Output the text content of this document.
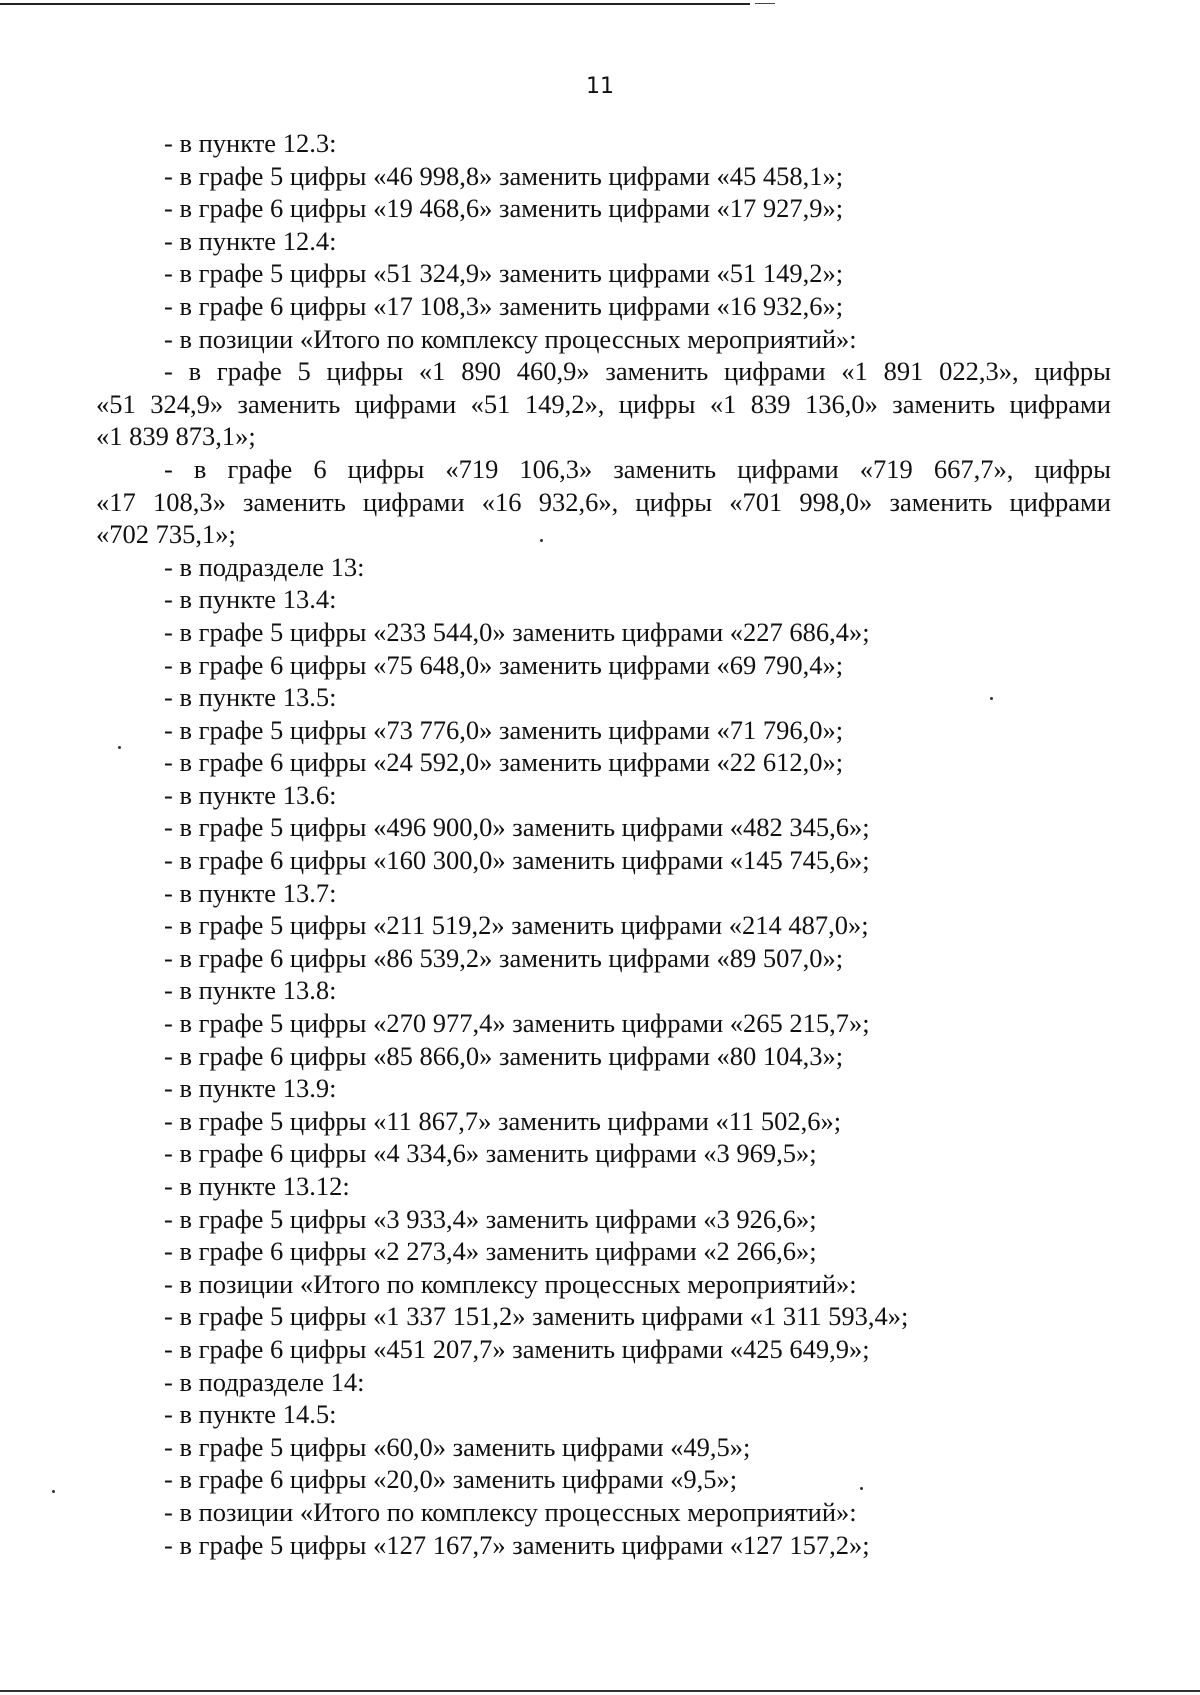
11

- в пункте 12.3:

- в графе 5 цифры «46 998,8» заменить цифрами «45 458,1»;

- в графе 6 цифры «19 468,6» заменить цифрами «17 927,9»;

- в пункте 12.4:

- в графе 5 цифры «51 324,9» заменить цифрами «51 149,2»;

- в графе 6 цифры «17 108,3» заменить цифрами «16 932,6»;

- в позиции «Итого по комплексу процессных мероприятий»:

- в графе 5 цифры «1 890 460,9» заменить цифрами «1 891 022,3», цифры

«51 324,9» заменить цифрами «51 149,2», цифры «1 839 136,0» заменить цифрами

«1 839 873,1»;

- в графе 6 цифры «719 106,3» заменить цифрами «719 667,7», цифры

«17 108,3» заменить цифрами «16 932,6», цифры «701 998,0» заменить цифрами

«702 735,1»;

- в подразделе 13:

- в пункте 13.4:

- в графе 5 цифры «233 544,0» заменить цифрами «227 686,4»;

- в графе 6 цифры «75 648,0» заменить цифрами «69 790,4»;

- в пункте 13.5:

- в графе 5 цифры «73 776,0» заменить цифрами «71 796,0»;

- в графе 6 цифры «24 592,0» заменить цифрами «22 612,0»;

- в пункте 13.6:

- в графе 5 цифры «496 900,0» заменить цифрами «482 345,6»;

- в графе 6 цифры «160 300,0» заменить цифрами «145 745,6»;

- в пункте 13.7:

- в графе 5 цифры «211 519,2» заменить цифрами «214 487,0»;

- в графе 6 цифры «86 539,2» заменить цифрами «89 507,0»;

- в пункте 13.8:

- в графе 5 цифры «270 977,4» заменить цифрами «265 215,7»;

- в графе 6 цифры «85 866,0» заменить цифрами «80 104,3»;

- в пункте 13.9:

- в графе 5 цифры «11 867,7» заменить цифрами «11 502,6»;

- в графе 6 цифры «4 334,6» заменить цифрами «3 969,5»;

- в пункте 13.12:

- в графе 5 цифры «3 933,4» заменить цифрами «3 926,6»;

- в графе 6 цифры «2 273,4» заменить цифрами «2 266,6»;

- в позиции «Итого по комплексу процессных мероприятий»:

- в графе 5 цифры «1 337 151,2» заменить цифрами «1 311 593,4»;

- в графе 6 цифры «451 207,7» заменить цифрами «425 649,9»;

- в подразделе 14:

- в пункте 14.5:

- в графе 5 цифры «60,0» заменить цифрами «49,5»;

- в графе 6 цифры «20,0» заменить цифрами «9,5»;

- в позиции «Итого по комплексу процессных мероприятий»:

- в графе 5 цифры «127 167,7» заменить цифрами «127 157,2»;
